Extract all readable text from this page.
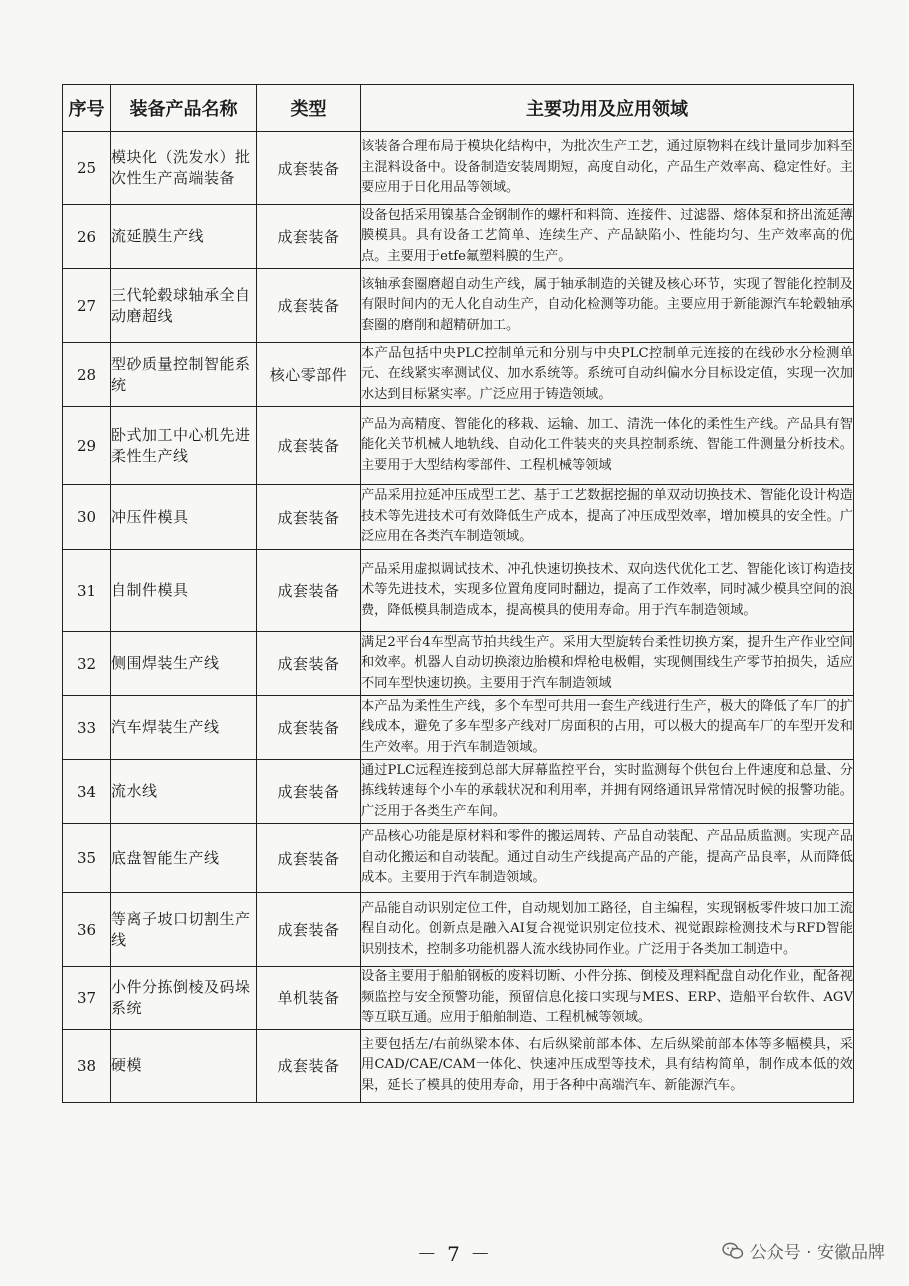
序号	装备产品名称	类型	主要功用及应用领域
25	模块化（洗发水）批次性生产高端装备	成套装备	该装备合理布局于模块化结构中，为批次生产工艺，通过原物料在线计量同步加料至主混料设备中。设备制造安装周期短，高度自动化，产品生产效率高、稳定性好。主要应用于日化用品等领域。
26	流延膜生产线	成套装备	设备包括采用镍基合金钢制作的螺杆和料筒、连接件、过滤器、熔体泵和挤出流延薄膜模具。具有设备工艺简单、连续生产、产品缺陷小、性能均匀、生产效率高的优点。主要用于etfe氟塑料膜的生产。
27	三代轮毂球轴承全自动磨超线	成套装备	该轴承套圈磨超自动生产线，属于轴承制造的关键及核心环节，实现了智能化控制及有限时间内的无人化自动生产，自动化检测等功能。主要应用于新能源汽车轮毂轴承套圈的磨削和超精研加工。
28	型砂质量控制智能系统	核心零部件	本产品包括中央PLC控制单元和分别与中央PLC控制单元连接的在线砂水分检测单元、在线紧实率测试仪、加水系统等。系统可自动纠偏水分目标设定值，实现一次加水达到目标紧实率。广泛应用于铸造领域。
29	卧式加工中心机先进柔性生产线	成套装备	产品为高精度、智能化的移栽、运输、加工、清洗一体化的柔性生产线。产品具有智能化关节机械人地轨线、自动化工件装夹的夹具控制系统、智能工件测量分析技术。主要用于大型结构零部件、工程机械等领域
30	冲压件模具	成套装备	产品采用拉延冲压成型工艺、基于工艺数据挖掘的单双动切换技术、智能化设计构造技术等先进技术可有效降低生产成本，提高了冲压成型效率，增加模具的安全性。广泛应用在各类汽车制造领域。
31	自制件模具	成套装备	产品采用虚拟调试技术、冲孔快速切换技术、双向迭代优化工艺、智能化该订构造技术等先进技术，实现多位置角度同时翻边，提高了工作效率，同时减少模具空间的浪费，降低模具制造成本，提高模具的使用寿命。用于汽车制造领域。
32	侧围焊装生产线	成套装备	满足2平台4车型高节拍共线生产。采用大型旋转台柔性切换方案，提升生产作业空间和效率。机器人自动切换滚边胎模和焊枪电极帽，实现侧围线生产零节拍损失，适应不同车型快速切换。主要用于汽车制造领域
33	汽车焊装生产线	成套装备	本产品为柔性生产线，多个车型可共用一套生产线进行生产，极大的降低了车厂的扩线成本，避免了多车型多产线对厂房面积的占用，可以极大的提高车厂的车型开发和生产效率。用于汽车制造领域。
34	流水线	成套装备	通过PLC远程连接到总部大屏幕监控平台，实时监测每个供包台上件速度和总量、分拣线转速每个小车的承载状况和利用率，并拥有网络通讯异常情况时候的报警功能。广泛用于各类生产车间。
35	底盘智能生产线	成套装备	产品核心功能是原材料和零件的搬运周转、产品自动装配、产品品质监测。实现产品自动化搬运和自动装配。通过自动生产线提高产品的产能，提高产品良率，从而降低成本。主要用于汽车制造领域。
36	等离子坡口切割生产线	成套装备	产品能自动识别定位工件，自动规划加工路径，自主编程，实现钢板零件坡口加工流程自动化。创新点是融入AI复合视觉识别定位技术、视觉跟踪检测技术与RFD智能识别技术，控制多功能机器人流水线协同作业。广泛用于各类加工制造中。
37	小件分拣倒棱及码垛系统	单机装备	设备主要用于船舶钢板的废料切断、小件分拣、倒棱及理料配盘自动化作业，配备视频监控与安全预警功能，预留信息化接口实现与MES、ERP、造船平台软件、AGV等互联互通。应用于船舶制造、工程机械等领域。
38	硬模	成套装备	主要包括左/右前纵梁本体、右后纵梁前部本体、左后纵梁前部本体等多幅模具，采用CAD/CAE/CAM一体化、快速冲压成型等技术，具有结构简单，制作成本低的效果，延长了模具的使用寿命，用于各种中高端汽车、新能源汽车。
－ 7 －	公众号 · 安徽品牌
